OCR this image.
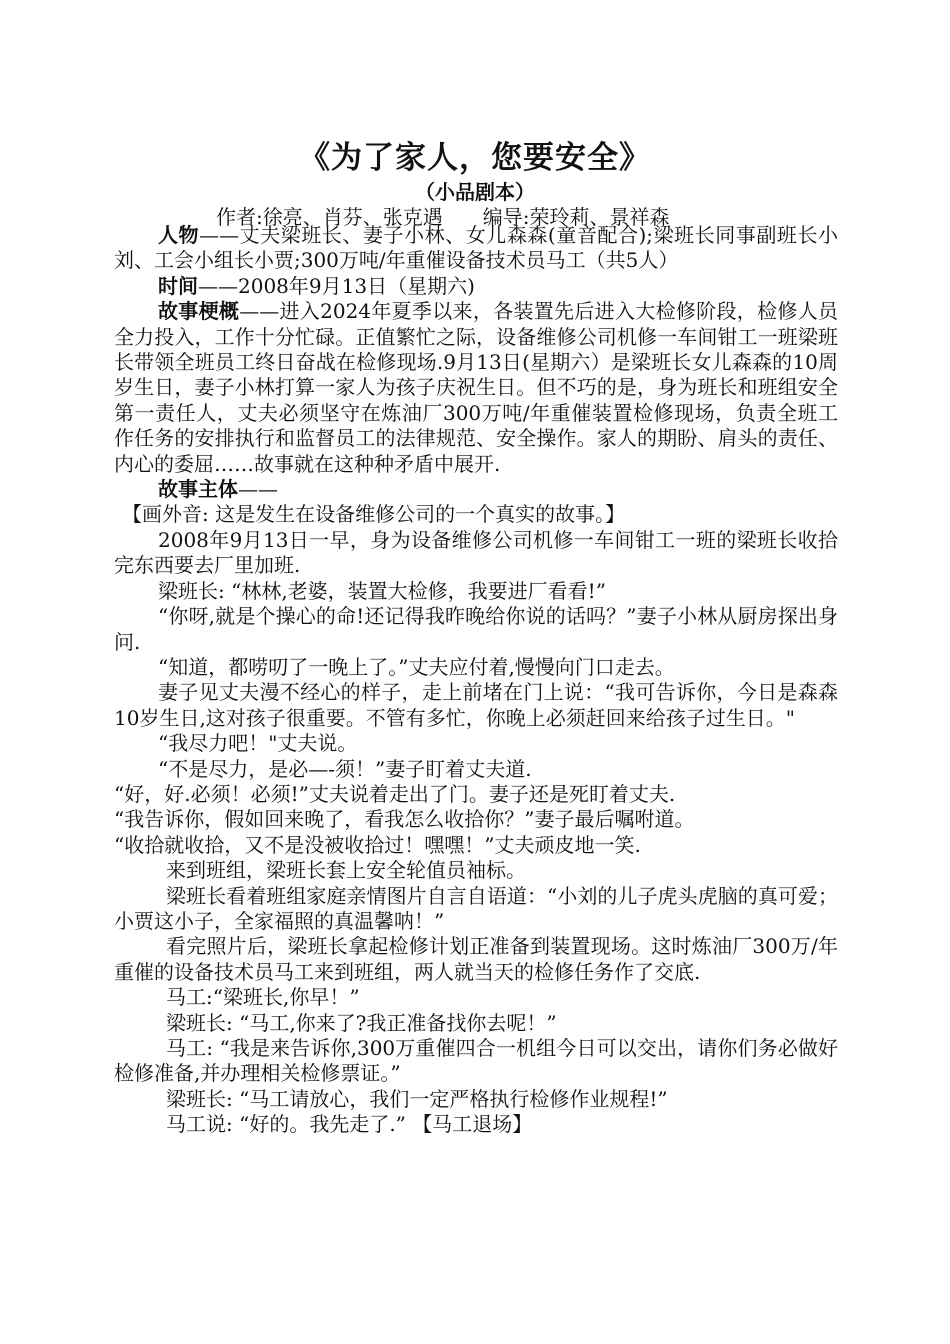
《为了家人，您要安全》
（小品剧本）
作者:徐亮、肖芬、张克遇 编导:荣玲莉、景祥森

人物——丈夫梁班长、妻子小林、女儿森森(童音配合);梁班长同事副班长小刘、工会小组长小贾;300万吨/年重催设备技术员马工（共5人）

时间——2008年9月13日（星期六)

故事梗概——进入2024年夏季以来，各装置先后进入大检修阶段，检修人员全力投入，工作十分忙碌。正值繁忙之际，设备维修公司机修一车间钳工一班梁班长带领全班员工终日奋战在检修现场.9月13日(星期六）是梁班长女儿森森的10周岁生日，妻子小林打算一家人为孩子庆祝生日。但不巧的是，身为班长和班组安全第一责任人，丈夫必须坚守在炼油厂300万吨/年重催装置检修现场，负责全班工作任务的安排执行和监督员工的法律规范、安全操作。家人的期盼、肩头的责任、内心的委屈……故事就在这种种矛盾中展开.

故事主体——

【画外音: 这是发生在设备维修公司的一个真实的故事。】

2008年9月13日一早，身为设备维修公司机修一车间钳工一班的梁班长收拾完东西要去厂里加班.

梁班长: “林林,老婆，装置大检修，我要进厂看看!”

“你呀,就是个操心的命!还记得我昨晚给你说的话吗？”妻子小林从厨房探出身问.

“知道，都唠叨了一晚上了。”丈夫应付着,慢慢向门口走去。

妻子见丈夫漫不经心的样子，走上前堵在门上说：“我可告诉你，今日是森森10岁生日,这对孩子很重要。不管有多忙，你晚上必须赶回来给孩子过生日。"

“我尽力吧！"丈夫说。

“不是尽力，是必—-须！”妻子盯着丈夫道.

“好，好.必须！必须!”丈夫说着走出了门。妻子还是死盯着丈夫.

“我告诉你，假如回来晚了，看我怎么收拾你？”妻子最后嘱咐道。

“收拾就收拾，又不是没被收拾过！嘿嘿！”丈夫顽皮地一笑.

来到班组，梁班长套上安全轮值员袖标。

梁班长看着班组家庭亲情图片自言自语道：“小刘的儿子虎头虎脑的真可爱；小贾这小子，全家福照的真温馨呐！”

看完照片后，梁班长拿起检修计划正准备到装置现场。这时炼油厂300万/年重催的设备技术员马工来到班组，两人就当天的检修任务作了交底.

马工:“梁班长,你早！”

梁班长: “马工,你来了?我正准备找你去呢！”

马工: “我是来告诉你,300万重催四合一机组今日可以交出，请你们务必做好检修准备,并办理相关检修票证。”

梁班长: “马工请放心，我们一定严格执行检修作业规程!”

马工说: “好的。我先走了.” 【马工退场】
